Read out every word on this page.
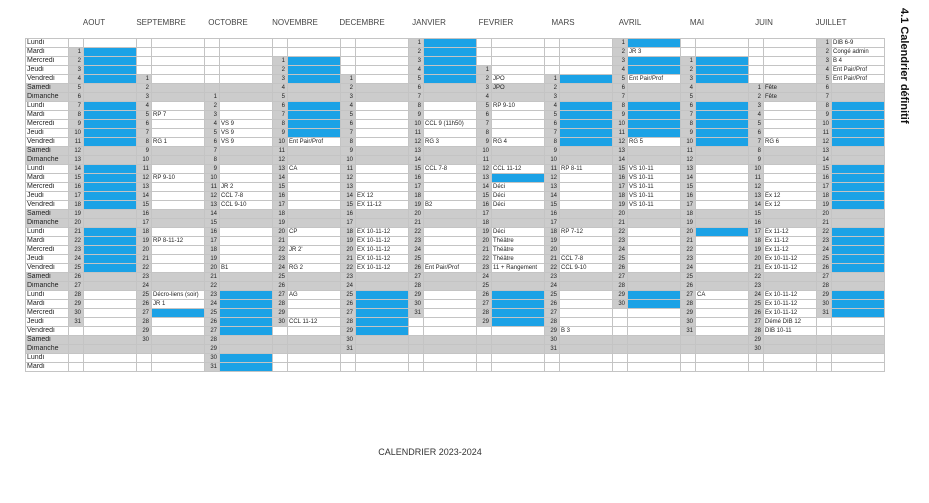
4.1 Calendrier définitif
AOUT	SEPTEMBRE	OCTOBRE	NOVEMBRE	DECEMBRE	JANVIER	FEVRIER	MARS	AVRIL	MAI	JUIN	JUILLET
Lundi											1						1						1	DIB 6-9
Mardi	1										2						2	JR 3					2	Congé admin
Mercredi	2						1				3						3		1				3	B 4
Jeudi	3						2				4		1				4		2				4	Ent Pair/Prof
Vendredi	4		1				3		1		5		2	JPO	1		5	Ent Pair/Prof	3				5	Ent Pair/Prof
Samedi	5		2				4		2		6		3	JPO	2		6		4		1	Fête	6	
Dimanche	6		3		1		5		3		7		4		3		7		5		2	Fête	7	
Lundi	7		4		2		6		4		8		5	RP 9-10	4		8		6		3		8	
Mardi	8		5	RP 7	3		7		5		9		6		5		9		7		4		9	
Mercredi	9		6		4	VS 9	8		6		10	CCL 9 (11h50)	7		6		10		8		5		10	
Jeudi	10		7		5	VS 9	9		7		11		8		7		11		9		6		11	
Vendredi	11		8	RG 1	6	VS 9	10	Ent Pair/Prof	8		12	RG 3	9	RG 4	8		12	RG 5	10		7	RG 6	12	
Samedi	12		9		7		11		9		13		10		9		13		11		8		13	
Dimanche	13		10		8		12		10		14		11		10		14		12		9		14	
Lundi	14		11		9		13	CA	11		15	CCL 7-8	12	CCL 11-12	11	RP 8-11	15	VS 10-11	13		10		15	
Mardi	15		12	RP 9-10	10		14		12		16		13		12		16	VS 10-11	14		11		16	
Mercredi	16		13		11	JR 2	15		13		17		14	Déci	13		17	VS 10-11	15		12		17	
Jeudi	17		14		12	CCL 7-8	16		14	EX 12	18		15	Déci	14		18	VS 10-11	16		13	Ex 12	18	
Vendredi	18		15		13	CCL 9-10	17		15	EX 11-12	19	B2	16	Déci	15		19	VS 10-11	17		14	Ex 12	19	
Samedi	19		16		14		18		16		20		17		16		20		18		15		20	
Dimanche	20		17		15		19		17		21		18		17		21		19		16		21	
Lundi	21		18		16		20	CP	18	EX 10-11-12	22		19	Déci	18	RP 7-12	22		20		17	Ex 11-12	22	
Mardi	22		19	RP 8-11-12	17		21		19	EX 10-11-12	23		20	Théâtre	19		23		21		18	Ex 11-12	23	
Mercredi	23		20		18		22	JR 2'	20	EX 10-11-12	24		21	Théâtre	20		24		22		19	Ex 11-12	24	
Jeudi	24		21		19		23		21	EX 10-11-12	25		22	Théâtre	21	CCL 7-8	25		23		20	Ex 10-11-12	25	
Vendredi	25		22		20	B1	24	RG 2	22	EX 10-11-12	26	Ent Pair/Prof	23	11 + Rangement	22	CCL 9-10	26		24		21	Ex 10-11-12	26	
Samedi	26		23		21		25		23		27		24		23		27		25		22		27	
Dimanche	27		24		22		26		24		28		25		24		28		26		23		28	
Lundi	28		25	Décro-liens (soir)	23		27	AG	25		29		26		25		29		27	CA	24	Ex 10-11-12	29	
Mardi	29		26	JR 1	24		28		26		30		27		26		30		28		25	Ex 10-11-12	30	
Mercredi	30		27		25		29		27		31		28		27				29		26	Ex 10-11-12	31	
Jeudi	31		28		26		30	CCL 11-12	28				29		28				30		27	Démé DIB 12		
Vendredi			29		27				29						29	B 3			31		28	DIB 10-11		
Samedi			30		28				30						30						29			
Dimanche					29				31						31						30			
Lundi					30																			
Mardi					31																			
CALENDRIER 2023-2024
